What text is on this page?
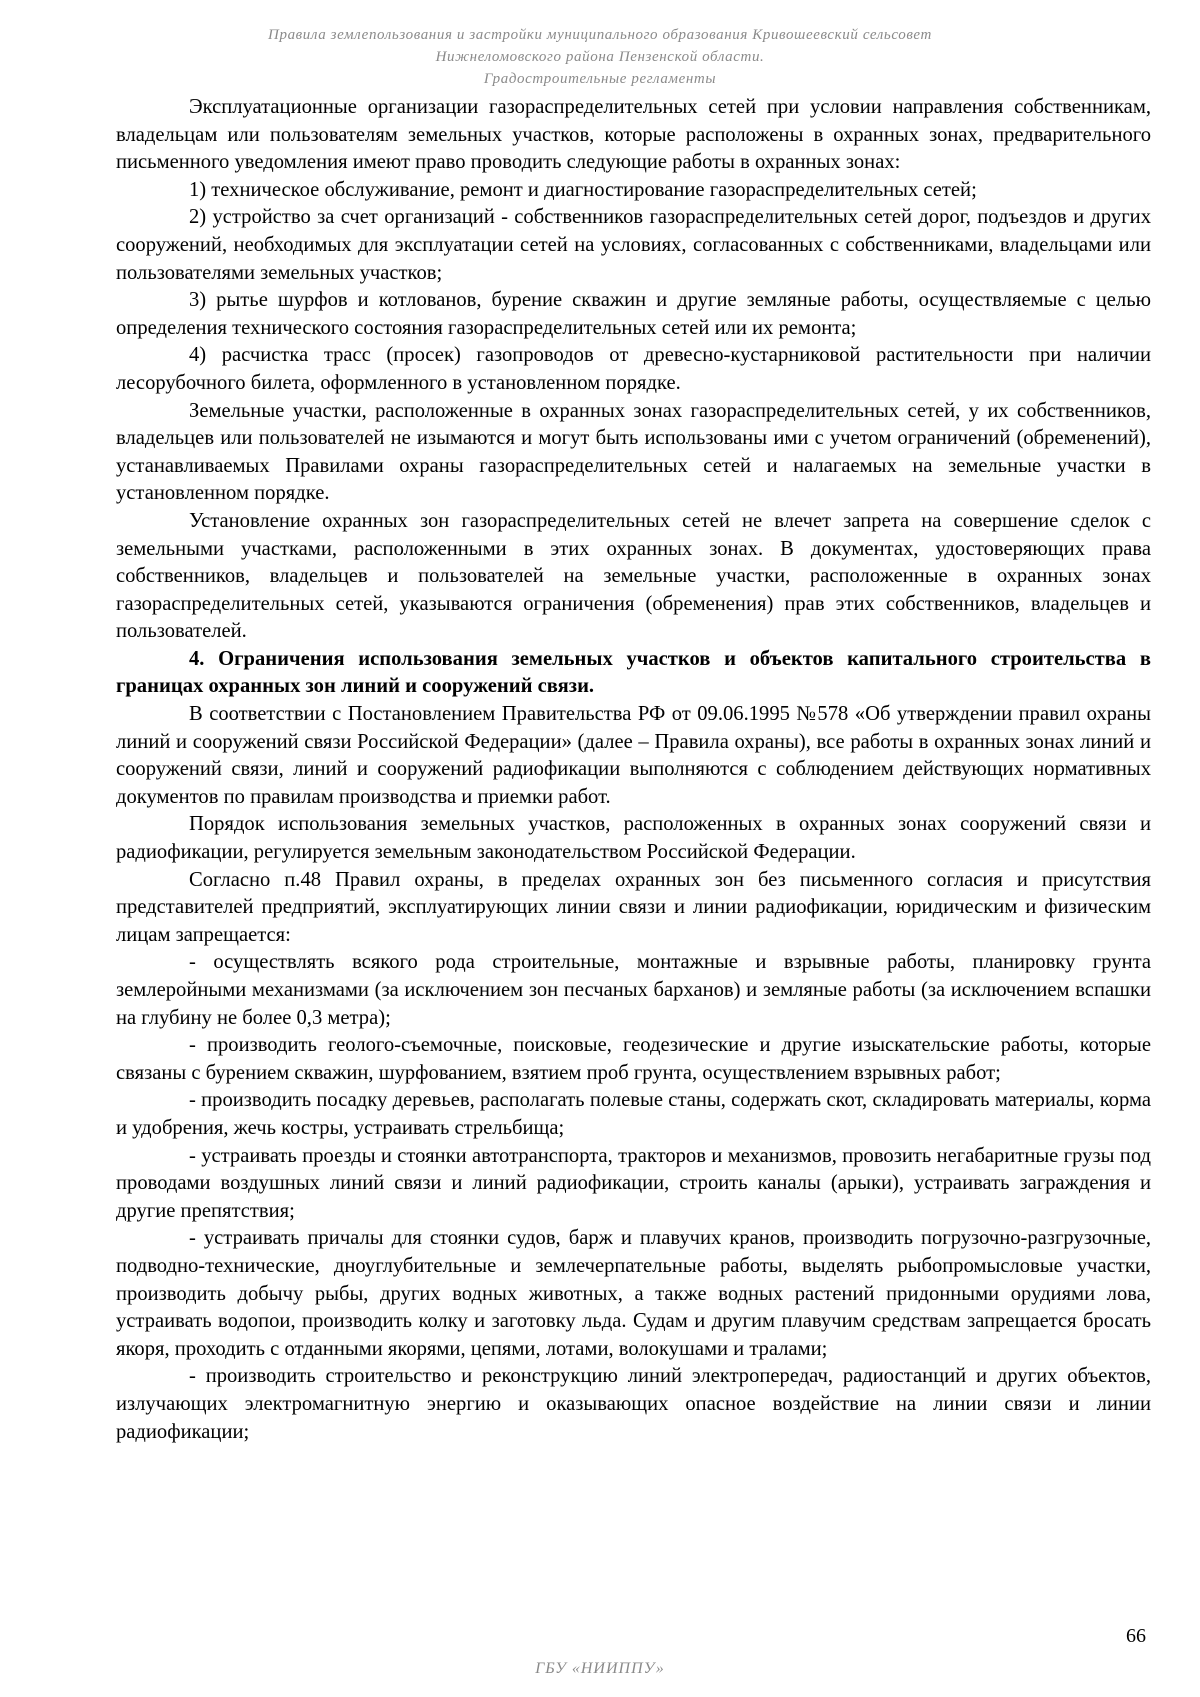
Правила землепользования и застройки муниципального образования Кривошеевский сельсовет
Нижнеломовского района Пензенской области.
Градостроительные регламенты

Эксплуатационные организации газораспределительных сетей при условии направления собственникам, владельцам или пользователям земельных участков, которые расположены в охранных зонах, предварительного письменного уведомления имеют право проводить следующие работы в охранных зонах:

1) техническое обслуживание, ремонт и диагностирование газораспределительных сетей;

2) устройство за счет организаций - собственников газораспределительных сетей дорог, подъездов и других сооружений, необходимых для эксплуатации сетей на условиях, согласованных с собственниками, владельцами или пользователями земельных участков;

3) рытье шурфов и котлованов, бурение скважин и другие земляные работы, осуществляемые с целью определения технического состояния газораспределительных сетей или их ремонта;

4) расчистка трасс (просек) газопроводов от древесно-кустарниковой растительности при наличии лесорубочного билета, оформленного в установленном порядке.

Земельные участки, расположенные в охранных зонах газораспределительных сетей, у их собственников, владельцев или пользователей не изымаются и могут быть использованы ими с учетом ограничений (обременений), устанавливаемых Правилами охраны газораспределительных сетей и налагаемых на земельные участки в установленном порядке.

Установление охранных зон газораспределительных сетей не влечет запрета на совершение сделок с земельными участками, расположенными в этих охранных зонах. В документах, удостоверяющих права собственников, владельцев и пользователей на земельные участки, расположенные в охранных зонах газораспределительных сетей, указываются ограничения (обременения) прав этих собственников, владельцев и пользователей.

4. Ограничения использования земельных участков и объектов капитального строительства в границах охранных зон линий и сооружений связи.

В соответствии с Постановлением Правительства РФ от 09.06.1995 №578 «Об утверждении правил охраны линий и сооружений связи Российской Федерации» (далее – Правила охраны), все работы в охранных зонах линий и сооружений связи, линий и сооружений радиофикации выполняются с соблюдением действующих нормативных документов по правилам производства и приемки работ.

Порядок использования земельных участков, расположенных в охранных зонах сооружений связи и радиофикации, регулируется земельным законодательством Российской Федерации.

Согласно п.48 Правил охраны, в пределах охранных зон без письменного согласия и присутствия представителей предприятий, эксплуатирующих линии связи и линии радиофикации, юридическим и физическим лицам запрещается:

- осуществлять всякого рода строительные, монтажные и взрывные работы, планировку грунта землеройными механизмами (за исключением зон песчаных барханов) и земляные работы (за исключением вспашки на глубину не более 0,3 метра);

- производить геолого-съемочные, поисковые, геодезические и другие изыскательские работы, которые связаны с бурением скважин, шурфованием, взятием проб грунта, осуществлением взрывных работ;

- производить посадку деревьев, располагать полевые станы, содержать скот, складировать материалы, корма и удобрения, жечь костры, устраивать стрельбища;

- устраивать проезды и стоянки автотранспорта, тракторов и механизмов, провозить негабаритные грузы под проводами воздушных линий связи и линий радиофикации, строить каналы (арыки), устраивать заграждения и другие препятствия;

- устраивать причалы для стоянки судов, барж и плавучих кранов, производить погрузочно-разгрузочные, подводно-технические, дноуглубительные и землечерпательные работы, выделять рыбопромысловые участки, производить добычу рыбы, других водных животных, а также водных растений придонными орудиями лова, устраивать водопои, производить колку и заготовку льда. Судам и другим плавучим средствам запрещается бросать якоря, проходить с отданными якорями, цепями, лотами, волокушами и тралами;

- производить строительство и реконструкцию линий электропередач, радиостанций и других объектов, излучающих электромагнитную энергию и оказывающих опасное воздействие на линии связи и линии радиофикации;

66
ГБУ «НИИППУ»
